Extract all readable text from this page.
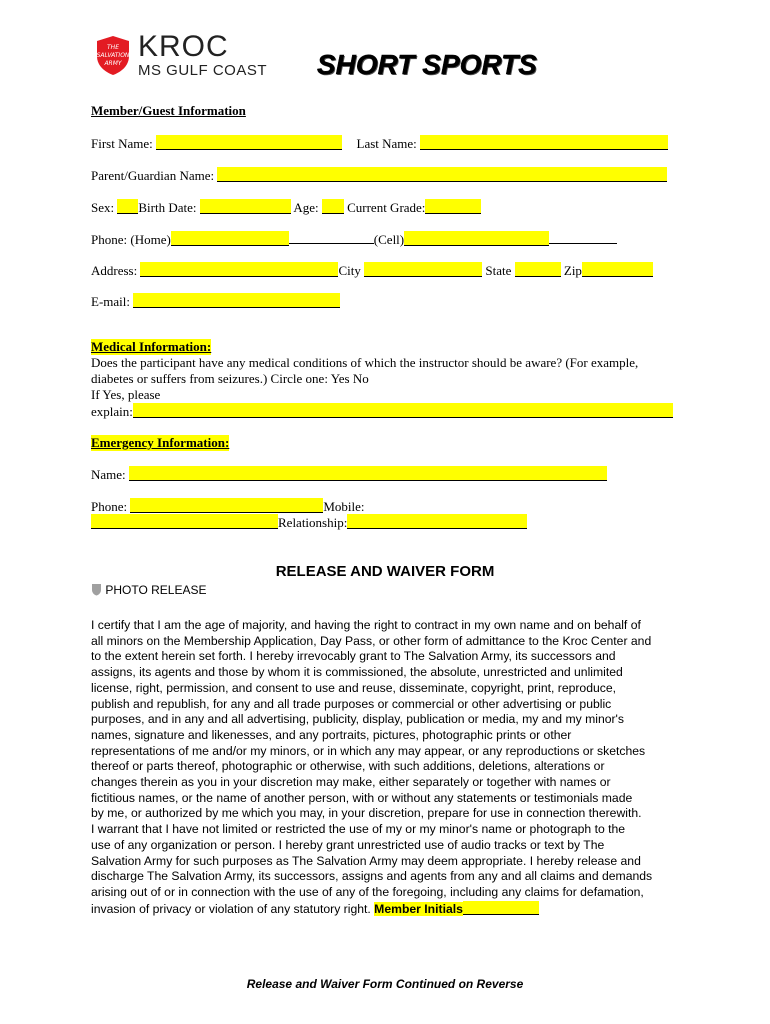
THE
SALVATION
ARMY
KROC
MS GULF COAST SHORT SPORTS
Member/Guest Information
First Name:	Last Name:
Parent/Guardian Name:
Sex: Birth Date:	Age: Current Grade:
Phone: (Home)	(Cell)
Address:	City	State	Zip
E-mail:
Medical Information:
Does the participant have any medical conditions of which the instructor should be aware? (For example,
diabetes or suffers from seizures.) Circle one: Yes No
If Yes, please
explain:
Emergency Information:
Name:
Phone:	Mobile:
Relationship:
RELEASE AND WAIVER FORM
PHOTO RELEASE
I certify that I am the age of majority, and having the right to contract in my own name and on behalf of
all minors on the Membership Application, Day Pass, or other form of admittance to the Kroc Center and
to the extent herein set forth. I hereby irrevocably grant to The Salvation Army, its successors and
assigns, its agents and those by whom it is commissioned, the absolute, unrestricted and unlimited
license, right, permission, and consent to use and reuse, disseminate, copyright, print, reproduce,
publish and republish, for any and all trade purposes or commercial or other advertising or public
purposes, and in any and all advertising, publicity, display, publication or media, my and my minor's
names, signature and likenesses, and any portraits, pictures, photographic prints or other
representations of me and/or my minors, or in which any may appear, or any reproductions or sketches
thereof or parts thereof, photographic or otherwise, with such additions, deletions, alterations or
changes therein as you in your discretion may make, either separately or together with names or
fictitious names, or the name of another person, with or without any statements or testimonials made
by me, or authorized by me which you may, in your discretion, prepare for use in connection therewith.
I warrant that I have not limited or restricted the use of my or my minor's name or photograph to the
use of any organization or person. I hereby grant unrestricted use of audio tracks or text by The
Salvation Army for such purposes as The Salvation Army may deem appropriate. I hereby release and
discharge The Salvation Army, its successors, assigns and agents from any and all claims and demands
arising out of or in connection with the use of any of the foregoing, including any claims for defamation,
invasion of privacy or violation of any statutory right. Member Initials
Release and Waiver Form Continued on Reverse
